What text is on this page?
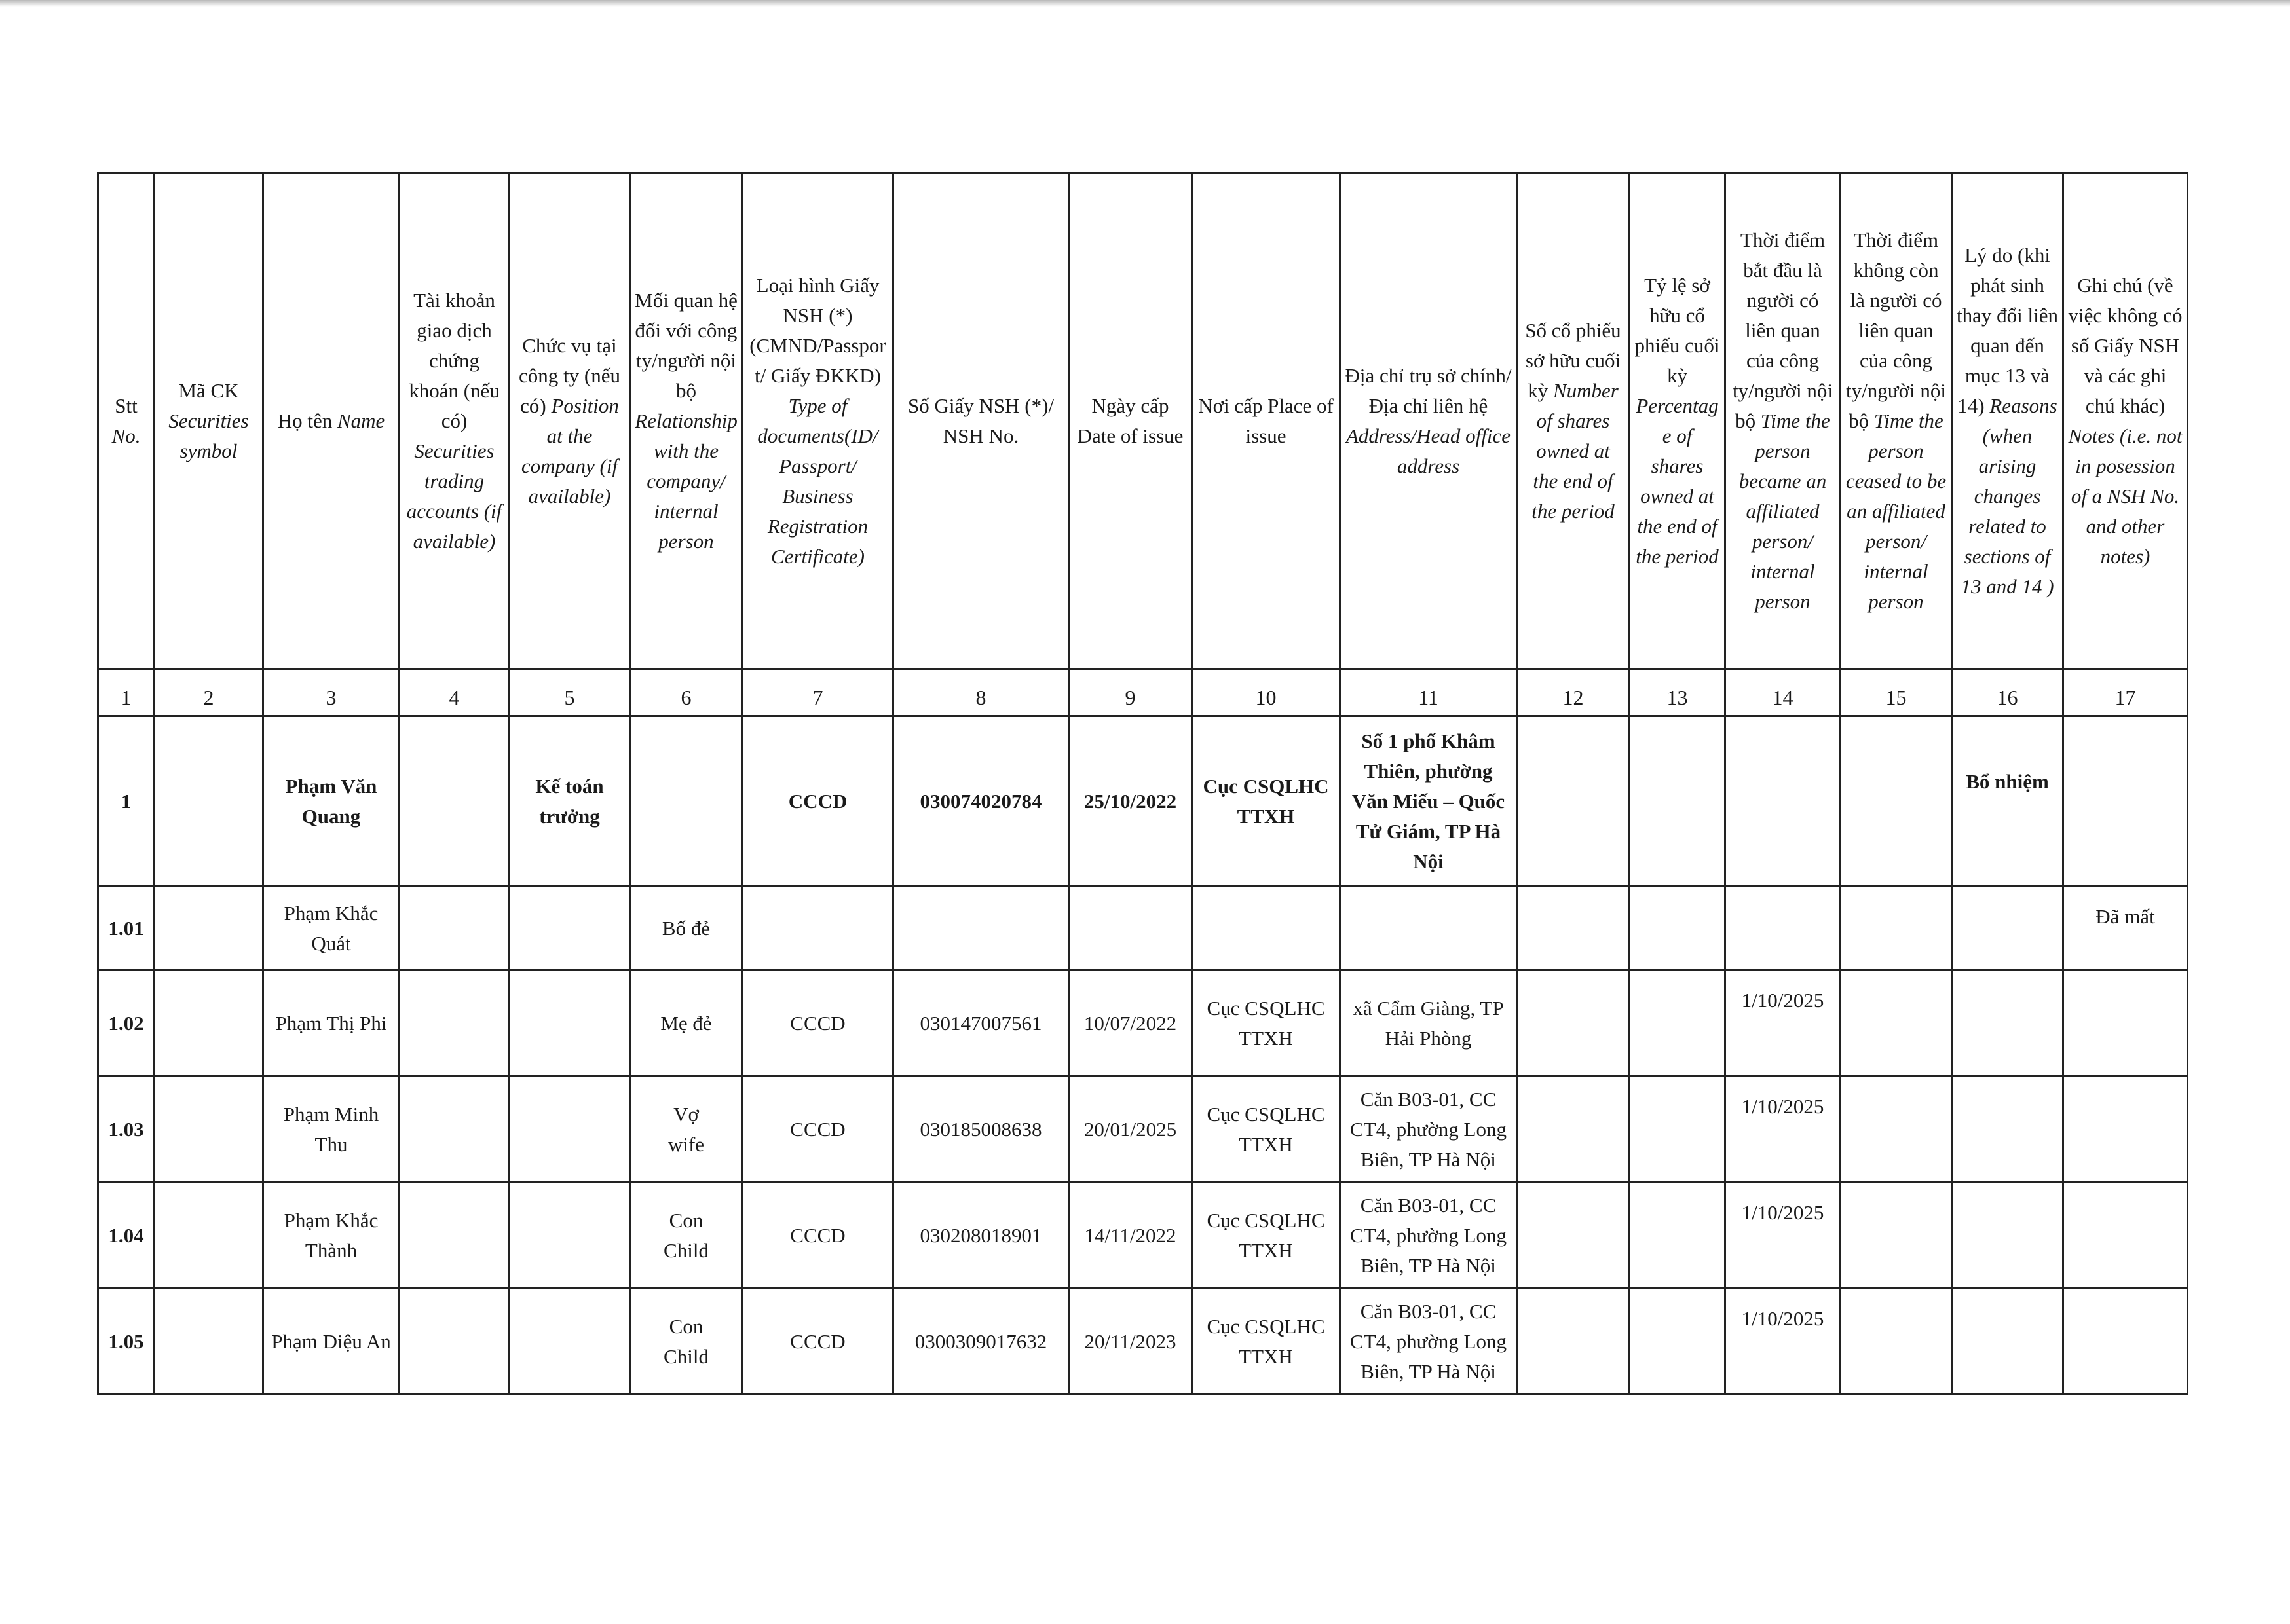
Stt No.	Mã CK Securities symbol	Họ tên Name	Tài khoản giao dịch chứng khoán (nếu có) Securities trading accounts (if available)	Chức vụ tại công ty (nếu có) Position at the company (if available)	Mối quan hệ đối với công ty/người nội bộ Relationship with the company/ internal person	Loại hình Giấy NSH (*) (CMND/Passport/ Giấy ĐKKD) Type of documents(ID/ Passport/ Business Registration Certificate)	Số Giấy NSH (*)/ NSH No.	Ngày cấp Date of issue	Nơi cấp Place of issue	Địa chỉ trụ sở chính/Địa chỉ liên hệ Address/Head office address	Số cổ phiếu sở hữu cuối kỳ Number of shares owned at the end of the period	Tỷ lệ sở hữu cổ phiếu cuối kỳ Percentage of shares owned at the end of the period	Thời điểm bắt đầu là người có liên quan của công ty/người nội bộ Time the person became an affiliated person/ internal person	Thời điểm không còn là người có liên quan của công ty/người nội bộ Time the person ceased to be an affiliated person/ internal person	Lý do (khi phát sinh thay đổi liên quan đến mục 13 và 14) Reasons (when arising changes related to sections of 13 and 14 )	Ghi chú (về việc không có số Giấy NSH và các ghi chú khác) Notes (i.e. not in posession of a NSH No. and other notes)
1	2	3	4	5	6	7	8	9	10	11	12	13	14	15	16	17
1		Phạm Văn Quang		Kế toán trưởng		CCCD	030074020784	25/10/2022	Cục CSQLHC TTXH	Số 1 phố Khâm Thiên, phường Văn Miếu – Quốc Tử Giám, TP Hà Nội					Bổ nhiệm	
1.01		Phạm Khắc Quát			Bố đẻ											Đã mất
1.02		Phạm Thị Phi			Mẹ đẻ	CCCD	030147007561	10/07/2022	Cục CSQLHC TTXH	xã Cẩm Giàng, TP Hải Phòng			1/10/2025			
1.03		Phạm Minh Thu			Vợ
wife	CCCD	030185008638	20/01/2025	Cục CSQLHC TTXH	Căn B03-01, CC CT4, phường Long Biên, TP Hà Nội			1/10/2025			
1.04		Phạm Khắc Thành			Con
Child	CCCD	030208018901	14/11/2022	Cục CSQLHC TTXH	Căn B03-01, CC CT4, phường Long Biên, TP Hà Nội			1/10/2025			
1.05		Phạm Diệu An			Con
Child	CCCD	0300309017632	20/11/2023	Cục CSQLHC TTXH	Căn B03-01, CC CT4, phường Long Biên, TP Hà Nội			1/10/2025			
